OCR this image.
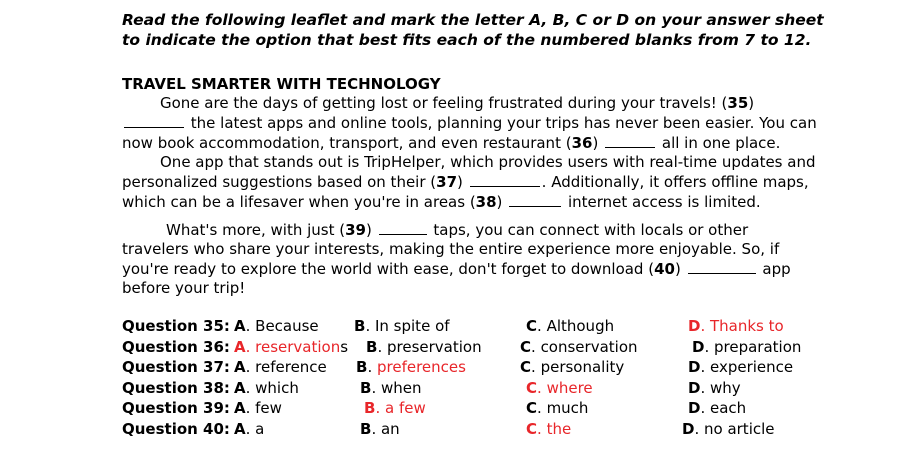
Read the following leaflet and mark the letter A, B, C or D on your answer sheet
to indicate the option that best fits each of the numbered blanks from 7 to 12.
TRAVEL SMARTER WITH TECHNOLOGY
Gone are the days of getting lost or feeling frustrated during your travels! (35)
the latest apps and online tools, planning your trips has never been easier. You can
now book accommodation, transport, and even restaurant (36)	all in one place.
One app that stands out is TripHelper, which provides users with real-time updates and
personalized suggestions based on their (37)	. Additionally, it offers offline maps,
which can be a lifesaver when you're in areas (38)	internet access is limited.
What's more, with just (39)	taps, you can connect with locals or other
travelers who share your interests, making the entire experience more enjoyable. So, if
you're ready to explore the world with ease, don't forget to download (40)	app
before your trip!
Question 35: A. Because B. In spite of	C. Although	D. Thanks to
Question 36: A. reservations B. preservation	C. conservation	D. preparation
Question 37: A. reference B. preferences	C. personality	D. experience
Question 38: A. which	B. when	C. where	D. why
Question 39: A. few	B. a few	C. much	D. each
Question 40: A. a	B. an	C. the	D. no article
